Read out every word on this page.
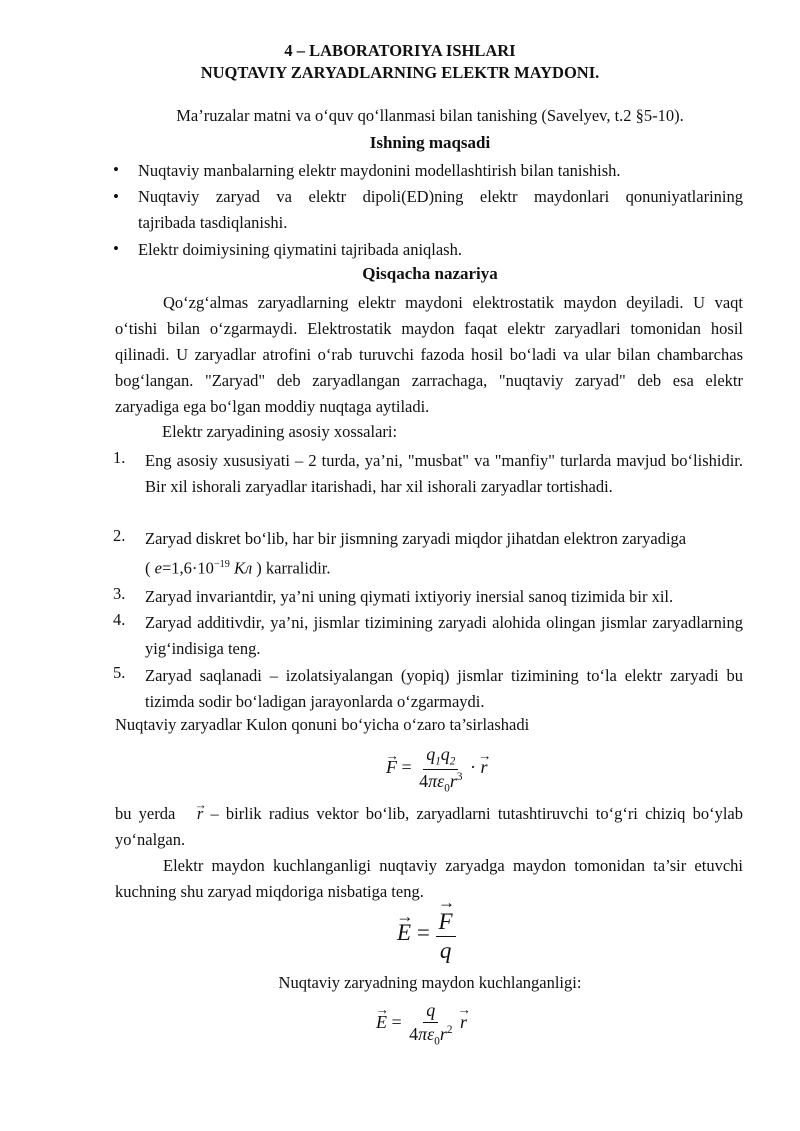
4 – LABORATORIYA ISHLARI
NUQTAVIY ZARYADLARNING ELEKTR MAYDONI.
Ma’ruzalar matni va o‘quv qo‘llanmasi bilan tanishing (Savelyev, t.2 §5-10).
Ishning maqsadi
• Nuqtaviy manbalarning elektr maydonini modellashtirish bilan tanishish.
• Nuqtaviy zaryad va elektr dipoli(ED)ning elektr maydonlari qonuniyatlarining
tajribada tasdiqlanishi.
• Elektr doimiysining qiymatini tajribada aniqlash.
Qisqacha nazariya
Qo‘zg‘almas zaryadlarning elektr maydoni elektrostatik maydon deyiladi. U vaqt o‘tishi bilan o‘zgarmaydi. Elektrostatik maydon faqat elektr zaryadlari tomonidan hosil qilinadi. U zaryadlar atrofini o‘rab turuvchi fazoda hosil bo‘ladi va ular bilan chambarchas bog‘langan. "Zaryad" deb zaryadlangan zarrachaga, "nuqtaviy zaryad" deb esa elektr zaryadiga ega bo‘lgan moddiy nuqtaga aytiladi.
Elektr zaryadining asosiy xossalari:
1. Eng asosiy xususiyati – 2 turda, ya’ni, "musbat" va "manfiy" turlarda mavjud bo‘lishidir. Bir xil ishorali zaryadlar itarishadi, har xil ishorali zaryadlar tortishadi.
2. Zaryad diskret bo‘lib, har bir jismning zaryadi miqdor jihatdan elektron zaryadiga
( $e=1,6\cdot 10^{-19}$ Кл ) karralidir.
3. Zaryad invariantdir, ya’ni uning qiymati ixtiyoriy inersial sanoq tizimida bir xil.
4. Zaryad additivdir, ya’ni, jismlar tizimining zaryadi alohida olingan jismlar zaryadlarning yig‘indisiga teng.
5. Zaryad saqlanadi – izolatsiyalangan (yopiq) jismlar tizimining to‘la elektr zaryadi bu tizimda sodir bo‘ladigan jarayonlarda o‘zgarmaydi.
Nuqtaviy zaryadlar Kulon qonuni bo‘yicha o‘zaro ta’sirlashadi
→ $F = \frac{q_1q_2}{4\pi\varepsilon_0r^3}$ · → r
bu yerda   → r – birlik radius vektor bo‘lib, zaryadlarni tutashtiruvchi to‘g‘ri chiziq bo‘ylab yo‘nalgan.
Elektr maydon kuchlanganligi nuqtaviy zaryadga maydon tomonidan ta’sir etuvchi kuchning shu zaryad miqdoriga nisbatiga teng.
→ E =
→ $\frac{F}{q}$
Nuqtaviy zaryadning maydon kuchlanganligi:
→ $E = \frac{q}{4\pi\varepsilon_0r^2}$
→ r
